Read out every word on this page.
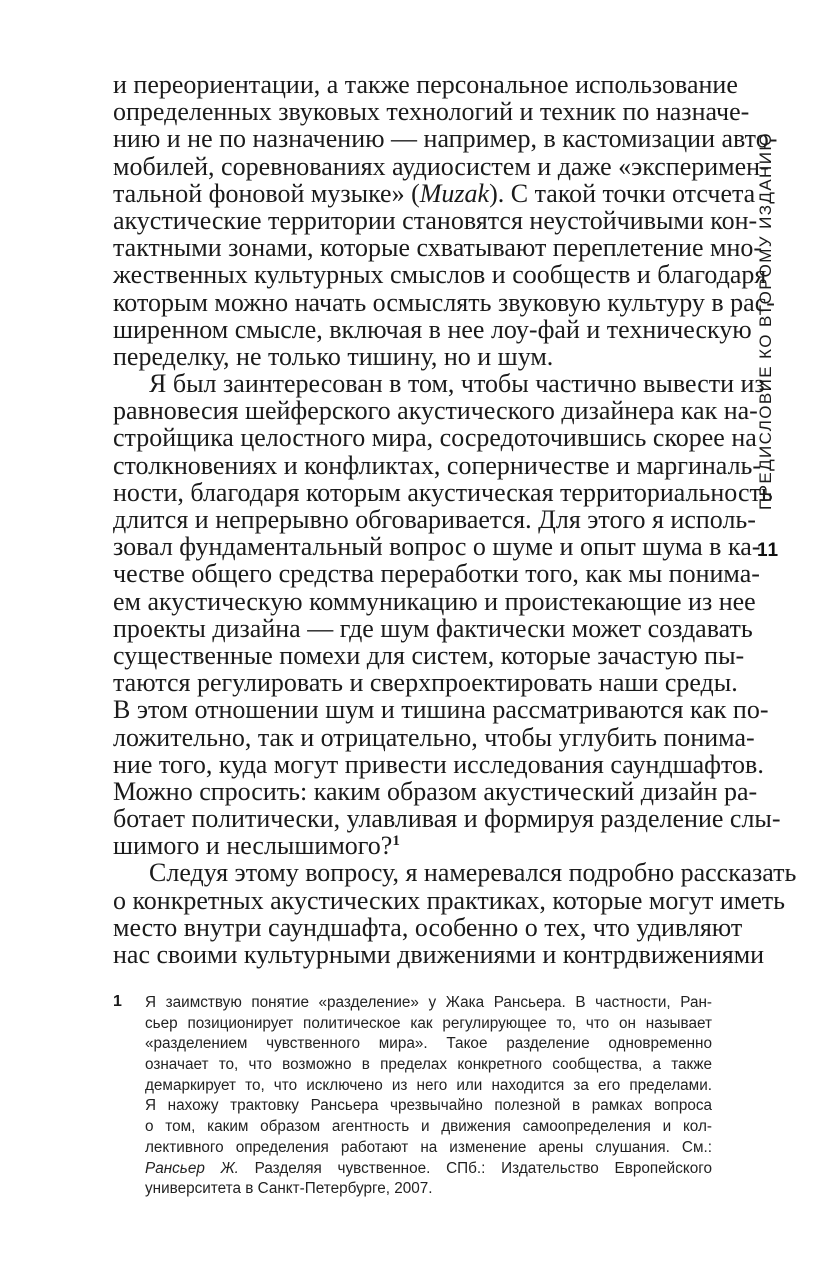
и переориентации, а также персональное использование
определенных звуковых технологий и техник по назначе-
нию и не по назначению — например, в кастомизации авто-
мобилей, соревнованиях аудиосистем и даже «эксперимен-
тальной фоновой музыке» (Muzak). С такой точки отсчета
акустические территории становятся неустойчивыми кон-
тактными зонами, которые схватывают переплетение мно-
жественных культурных смыслов и сообществ и благодаря
которым можно начать осмыслять звуковую культуру в рас-
ширенном смысле, включая в нее лоу-фай и техническую
переделку, не только тишину, но и шум.
Я был заинтересован в том, чтобы частично вывести из
равновесия шейферского акустического дизайнера как на-
стройщика целостного мира, сосредоточившись скорее на
столкновениях и конфликтах, соперничестве и маргиналь-
ности, благодаря которым акустическая территориальность
длится и непрерывно обговаривается. Для этого я исполь-
зовал фундаментальный вопрос о шуме и опыт шума в ка-
честве общего средства переработки того, как мы понима-
ем акустическую коммуникацию и проистекающие из нее
проекты дизайна — где шум фактически может создавать
существенные помехи для систем, которые зачастую пы-
таются регулировать и сверхпроектировать наши среды.
В этом отношении шум и тишина рассматриваются как по-
ложительно, так и отрицательно, чтобы углубить понима-
ние того, куда могут привести исследования саундшафтов.
Можно спросить: каким образом акустический дизайн ра-
ботает политически, улавливая и формируя разделение слы-
шимого и неслышимого?$^1$
Следуя этому вопросу, я намеревался подробно рассказать
о конкретных акустических практиках, которые могут иметь
место внутри саундшафта, особенно о тех, что удивляют
нас своими культурными движениями и контрдвижениями
1 Я заимствую понятие «разделение» у Жака Рансьера. В частности, Ран-
сьер позиционирует политическое как регулирующее то, что он называет
«разделением чувственного мира». Такое разделение одновременно
означает то, что возможно в пределах конкретного сообщества, а также
демаркирует то, что исключено из него или находится за его пределами.
Я нахожу трактовку Рансьера чрезвычайно полезной в рамках вопроса
о том, каким образом агентность и движения самоопределения и кол-
лективного определения работают на изменение арены слушания. См.:
Рансьер Ж. Разделяя чувственное. СПб.: Издательство Европейского
университета в Санкт-Петербурге, 2007.
ПРЕДИСЛОВИЕ КО ВТОРОМУ ИЗДАНИЮ
11
